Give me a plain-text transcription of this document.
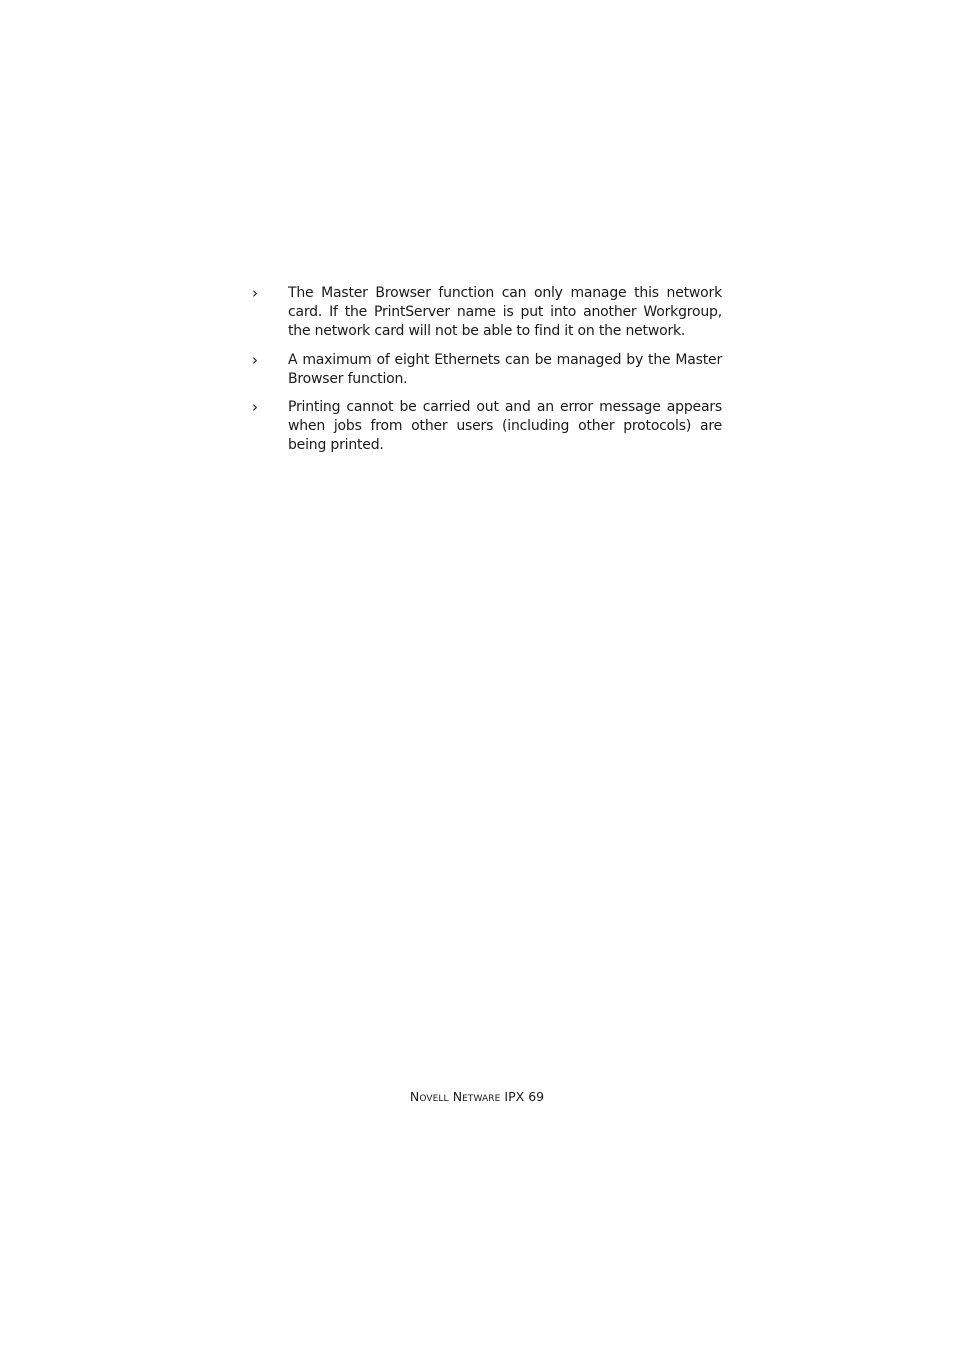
› The Master Browser function can only manage this network card. If the PrintServer name is put into another Workgroup, the network card will not be able to find it on the network.
› A maximum of eight Ethernets can be managed by the Master Browser function.
› Printing cannot be carried out and an error message appears when jobs from other users (including other protocols) are being printed.
Novell Netware IPX 69
